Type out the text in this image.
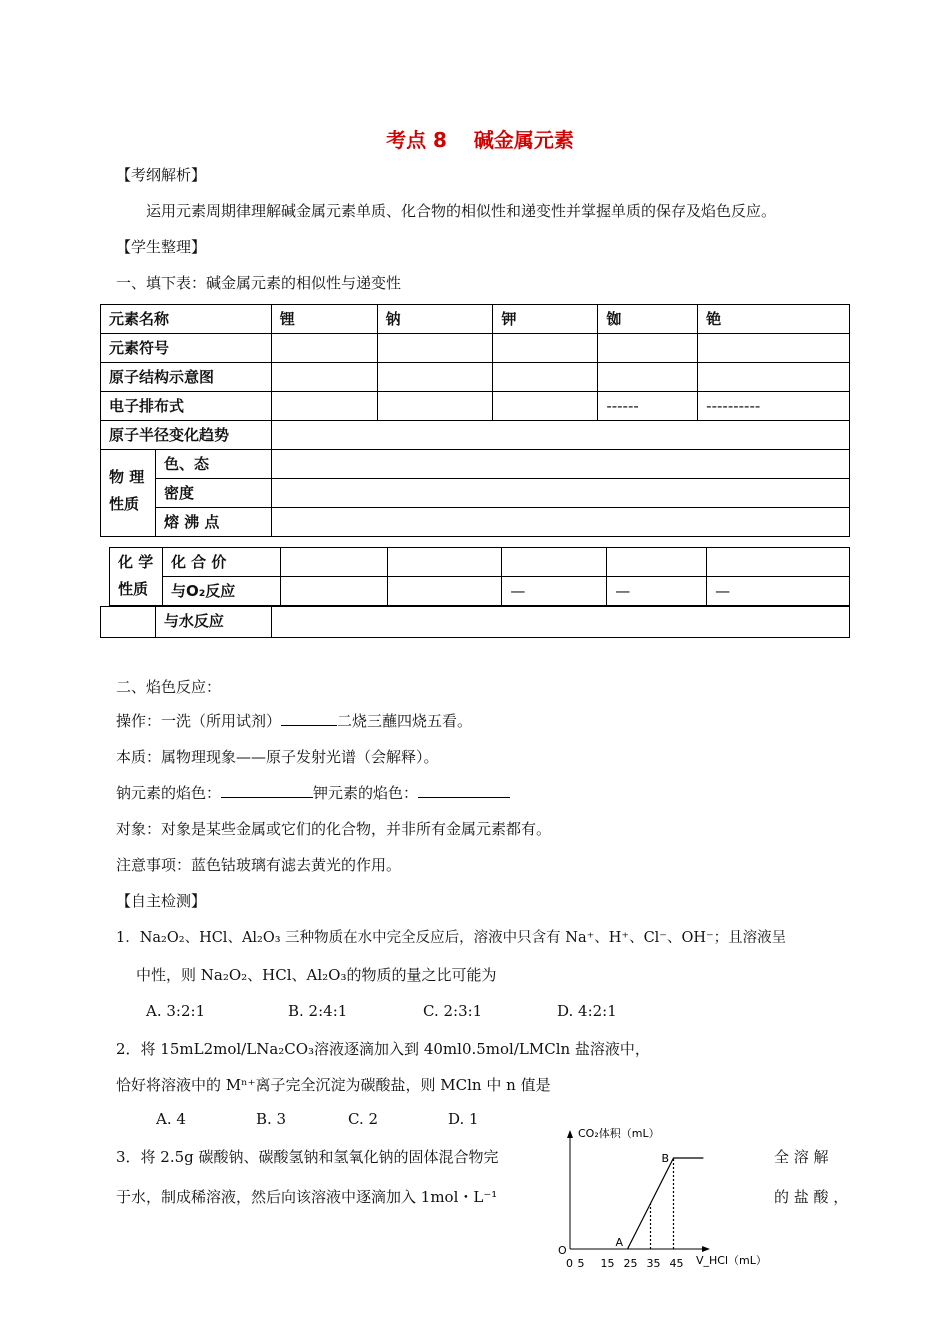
考点 8　 碱金属元素
【考纲解析】
运用元素周期律理解碱金属元素单质、化合物的相似性和递变性并掌握单质的保存及焰色反应。
【学生整理】
一、填下表：碱金属元素的相似性与递变性
元素名称		锂	钠	钾	铷	铯
元素符号						
原子结构示意图						
电子排布式					------	----------
原子半径变化趋势						
物 理
性质	色、态					
	密度					
	熔 沸 点					
化 学
性质	化 合 价					
	与O₂反应			—	—	—
	与水反应	
二、焰色反应：
操作：一洗（所用试剂）	二烧三蘸四烧五看。
本质：属物理现象——原子发射光谱（会解释）。
钠元素的焰色：	钾元素的焰色：
对象：对象是某些金属或它们的化合物，并非所有金属元素都有。
注意事项：蓝色钴玻璃有滤去黄光的作用。
【自主检测】
1．Na₂O₂、HCl、Al₂O₃ 三种物质在水中完全反应后，溶液中只含有 Na⁺、H⁺、Cl⁻、OH⁻；且溶液呈
中性，则 Na₂O₂、HCl、Al₂O₃的物质的量之比可能为
A. 3:2:1	B. 2:4:1	C. 2:3:1	D. 4:2:1
2．将 15mL2mol/LNa₂CO₃溶液逐滴加入到 40ml0.5mol/LMCln 盐溶液中，
恰好将溶液中的 Mⁿ⁺离子完全沉淀为碳酸盐，则 MCln 中 n 值是
A. 4	B. 3	C. 2	D. 1
3．将 2.5g 碳酸钠、碳酸氢钠和氢氧化钠的固体混合物完	全 溶 解
于水，制成稀溶液，然后向该溶液中逐滴加入 1mol・L⁻¹	的 盐 酸 ，
CO₂体积（mL）
V_HCl（mL）
O
0 5 15 25 35 45
A
B
